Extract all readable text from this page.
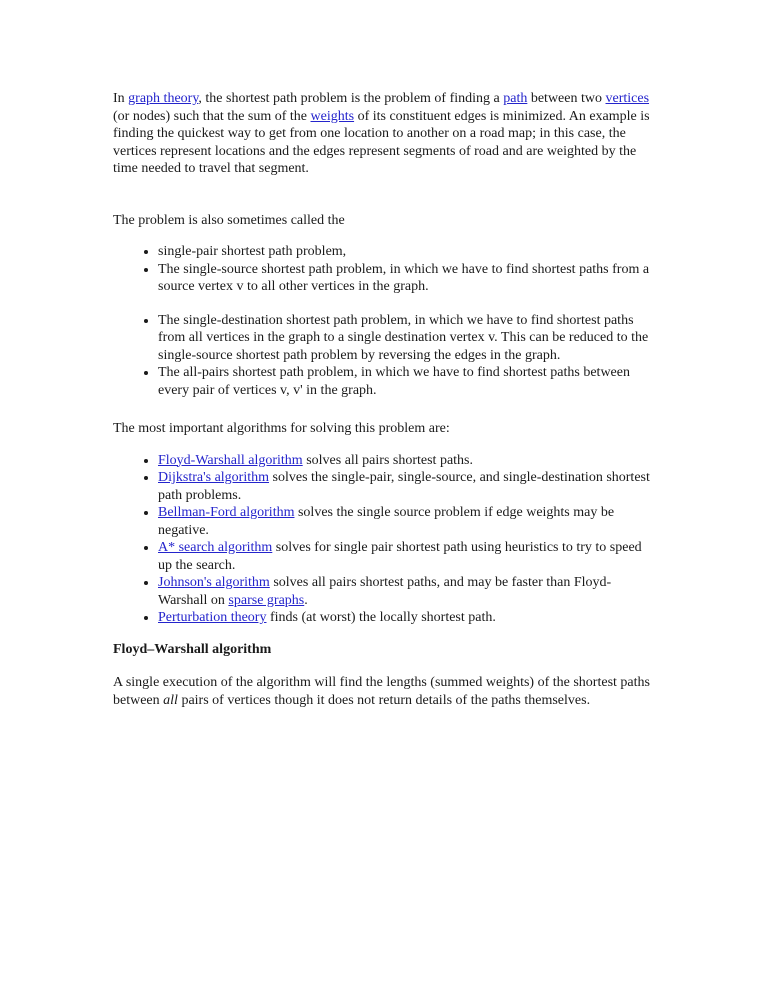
In graph theory, the shortest path problem is the problem of finding a path between two vertices (or nodes) such that the sum of the weights of its constituent edges is minimized. An example is finding the quickest way to get from one location to another on a road map; in this case, the vertices represent locations and the edges represent segments of road and are weighted by the time needed to travel that segment.

The problem is also sometimes called the

• single-pair shortest path problem,
• The single-source shortest path problem, in which we have to find shortest paths from a source vertex v to all other vertices in the graph.
• The single-destination shortest path problem, in which we have to find shortest paths from all vertices in the graph to a single destination vertex v. This can be reduced to the single-source shortest path problem by reversing the edges in the graph.
• The all-pairs shortest path problem, in which we have to find shortest paths between every pair of vertices v, v' in the graph.

The most important algorithms for solving this problem are:

• Floyd-Warshall algorithm solves all pairs shortest paths.
• Dijkstra's algorithm solves the single-pair, single-source, and single-destination shortest path problems.
• Bellman-Ford algorithm solves the single source problem if edge weights may be negative.
• A* search algorithm solves for single pair shortest path using heuristics to try to speed up the search.
• Johnson's algorithm solves all pairs shortest paths, and may be faster than Floyd-Warshall on sparse graphs.
• Perturbation theory finds (at worst) the locally shortest path.

Floyd–Warshall algorithm

A single execution of the algorithm will find the lengths (summed weights) of the shortest paths between all pairs of vertices though it does not return details of the paths themselves.
